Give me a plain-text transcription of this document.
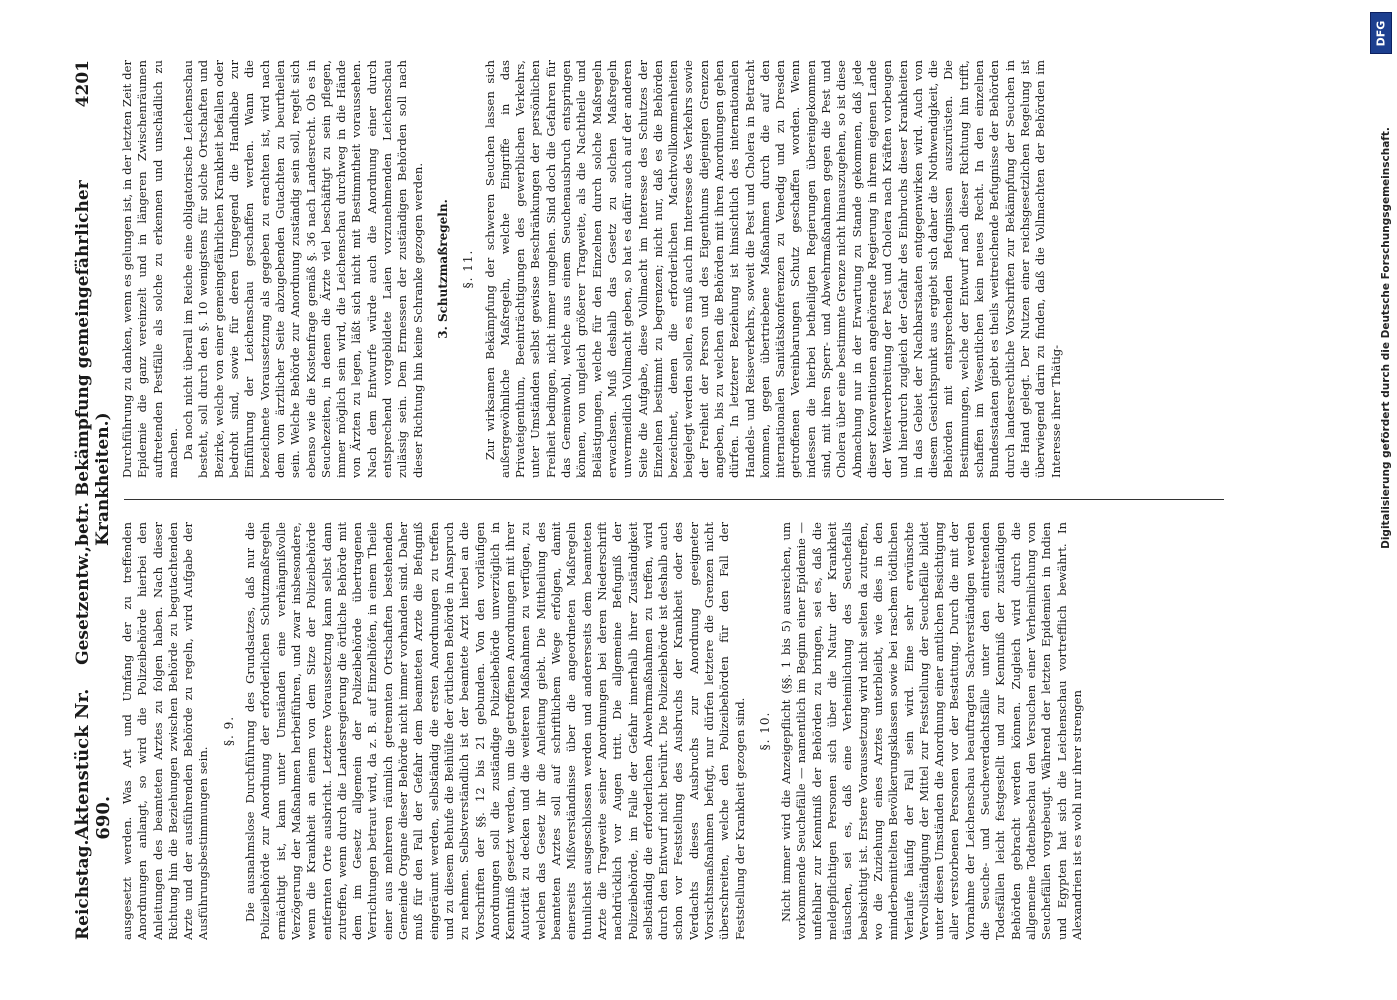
Reichstag.
Aktenstück Nr. 690.
Gesetzentw.,
betr. Bekämpfung gemeingefährlicher Krankheiten.)
4201

ausgesetzt werden. Was Art und Umfang der zu treffenden Anordnungen anlangt, so wird die Polizeibehörde hierbei den Anleitungen des beamteten Arztes zu folgen haben. Nach dieser Richtung hin die Beziehungen zwischen Behörde zu begutachtenden Arzte und der ausführenden Behörde zu regeln, wird Aufgabe der Ausführungsbestimmungen sein.

§. 9. Die ausnahmslose Durchführung des Grundsatzes, daß nur die Polizeibehörde zur Anordnung der erforderlichen Schutzmaßregeln ermächtigt ist, kann unter Umständen eine verhängnißvolle Verzögerung der Maßnahmen herbeiführen, und zwar insbesondere, wenn die Krankheit an einem von dem Sitze der Polizeibehörde entfernten Orte ausbricht. Letztere Voraussetzung kann selbst dann zutreffen, wenn durch die Landesregierung die örtliche Behörde mit dem im Gesetz allgemein der Polizeibehörde übertragenen Verrichtungen betraut wird, da z. B. auf Einzelhöfen, in einem Theile einer aus mehreren räumlich getrennten Ortschaften bestehenden Gemeinde Organe dieser Behörde nicht immer vorhanden sind. Daher muß für den Fall der Gefahr dem beamteten Arzte die Befugniß eingeräumt werden, selbständig die ersten Anordnungen zu treffen und zu diesem Behufe die Beihülfe der örtlichen Behörde in Anspruch zu nehmen. Selbstverständlich ist der beamtete Arzt hierbei an die Vorschriften der §§. 12 bis 21 gebunden. Von den vorläufigen Anordnungen soll die zuständige Polizeibehörde unverzüglich in Kenntniß gesetzt werden, um die getroffenen Anordnungen mit ihrer Autorität zu decken und die weiteren Maßnahmen zu verfügen, zu welchen das Gesetz ihr die Anleitung giebt. Die Mittheilung des beamteten Arztes soll auf schriftlichem Wege erfolgen, damit einerseits Mißverständnisse über die angeordneten Maßregeln thunlichst ausgeschlossen werden und andererseits dem beamteten Arzte die Tragweite seiner Anordnungen bei deren Niederschrift nachdrücklich vor Augen tritt. Die allgemeine Befugniß der Polizeibehörde, im Falle der Gefahr innerhalb ihrer Zuständigkeit selbständig die erforderlichen Abwehrmaßnahmen zu treffen, wird durch den Entwurf nicht berührt. Die Polizeibehörde ist deshalb auch schon vor Feststellung des Ausbruchs der Krankheit oder des Verdachts dieses Ausbruchs zur Anordnung geeigneter Vorsichtsmaßnahmen befugt, nur dürfen letztere die Grenzen nicht überschreiten, welche den Polizeibehörden für den Fall der Feststellung der Krankheit gezogen sind. §. 10. Nicht immer wird die Anzeigepflicht (§§. 1 bis 5) ausreichen, um vorkommende Seuchefälle — namentlich im Beginn einer Epidemie — unfehlbar zur Kenntniß der Behörden zu bringen, sei es, daß die meldepflichtigen Personen sich über die Natur der Krankheit täuschen, sei es, daß eine Verheimlichung des Seuchefalls beabsichtigt ist. Erstere Voraussetzung wird nicht selten da zutreffen, wo die Zuziehung eines Arztes unterbleibt, wie dies in den minderbemittelten Bevölkerungsklassen sowie bei raschem tödtlichen Verlaufe häufig der Fall sein wird. Eine sehr erwünschte Vervollständigung der Mittel zur Feststellung der Seuchefälle bildet unter diesen Umständen die Anordnung einer amtlichen Besichtigung aller verstorbenen Personen vor der Bestattung. Durch die mit der Vornahme der Leichenschau beauftragten Sachverständigen werden die Seuche- und Seucheverdachtsfälle unter den eintretenden Todesfällen leicht festgestellt und zur Kenntniß der zuständigen Behörden gebracht werden können. Zugleich wird durch die allgemeine Todtenbeschau den Versuchen einer Verheimlichung von Seuchefällen vorgebeugt. Während der letzten Epidemien in Indien und Egypten hat sich die Leichenschau vortrefflich bewährt. In Alexandrien ist es wohl nur ihrer strengen

Durchführung zu danken, wenn es gelungen ist, in der letzten Zeit der Epidemie die ganz vereinzelt und in längeren Zwischenräumen auftretenden Pestfälle als solche zu erkennen und unschädlich zu machen. Da noch nicht überall im Reiche eine obligatorische Leichenschau besteht, soll durch den §. 10 wenigstens für solche Ortschaften und Bezirke, welche von einer gemeingefährlichen Krankheit befallen oder bedroht sind, sowie für deren Umgegend die Handhabe zur Einführung der Leichenschau geschaffen werden. Wann die bezeichnete Voraussetzung als gegeben zu erachten ist, wird nach dem von ärztlicher Seite abzugebenden Gutachten zu beurtheilen sein. Welche Behörde zur Anordnung zuständig sein soll, regelt sich ebenso wie die Kostenfrage gemäß §. 36 nach Landesrecht. Ob es in Seuchezeiten, in denen die Ärzte viel beschäftigt zu sein pflegen, immer möglich sein wird, die Leichenschau durchweg in die Hände von Ärzten zu legen, läßt sich nicht mit Bestimmtheit voraussehen. Nach dem Entwurfe würde auch die Anordnung einer durch entsprechend vorgebildete Laien vorzunehmenden Leichenschau zulässig sein. Dem Ermessen der zuständigen Behörden soll nach dieser Richtung hin keine Schranke gezogen werden. 3. Schutzmaßregeln. §. 11. Zur wirksamen Bekämpfung der schweren Seuchen lassen sich außergewöhnliche Maßregeln, welche Eingriffe in das Privateigenthum, Beeinträchtigungen des gewerblichen Verkehrs, unter Umständen selbst gewisse Beschränkungen der persönlichen Freiheit bedingen, nicht immer umgehen. Sind doch die Gefahren für das Gemeinwohl, welche aus einem Seuchenausbruch entspringen können, von ungleich größerer Tragweite, als die Nachtheile und Belästigungen, welche für den Einzelnen durch solche Maßregeln erwachsen. Muß deshalb das Gesetz zu solchen Maßregeln unvermeidlich Vollmacht geben, so hat es dafür auch auf der anderen Seite die Aufgabe, diese Vollmacht im Interesse des Schutzes der Einzelnen bestimmt zu begrenzen; nicht nur, daß es die Behörden bezeichnet, denen die erforderlichen Machtvollkommenheiten beigelegt werden sollen, es muß auch im Interesse des Verkehrs sowie der Freiheit der Person und des Eigenthums diejenigen Grenzen angeben, bis zu welchen die Behörden mit ihren Anordnungen gehen dürfen. In letzterer Beziehung ist hinsichtlich des internationalen Handels- und Reiseverkehrs, soweit die Pest und Cholera in Betracht kommen, gegen übertriebene Maßnahmen durch die auf den internationalen Sanitätskonferenzen zu Venedig und zu Dresden getroffenen Vereinbarungen Schutz geschaffen worden. Wenn indessen die hierbei betheiligten Regierungen übereingekommen sind, mit ihren Sperr- und Abwehrmaßnahmen gegen die Pest und Cholera über eine bestimmte Grenze nicht hinauszugehen, so ist diese Abmachung nur in der Erwartung zu Stande gekommen, daß jede dieser Konventionen angehörende Regierung in ihrem eigenen Lande der Weiterverbreitung der Pest und Cholera nach Kräften vorbeugen und hierdurch zugleich der Gefahr des Einbruchs dieser Krankheiten in das Gebiet der Nachbarstaaten entgegenwirken wird. Auch von diesem Gesichtspunkt aus ergiebt sich daher die Nothwendigkeit, die Behörden mit entsprechenden Befugnissen auszurüsten. Die Bestimmungen, welche der Entwurf nach dieser Richtung hin trifft, schaffen im Wesentlichen kein neues Recht. In den einzelnen Bundesstaaten giebt es theils weitreichende Befugnisse der Behörden durch landesrechtliche Vorschriften zur Bekämpfung der Seuchen in die Hand gelegt. Der Nutzen einer reichsgesetzlichen Regelung ist überwiegend darin zu finden, daß die Vollmachten der Behörden im Interesse ihrer Thätig-

DFG
Digitalisierung gefördert durch die Deutsche Forschungsgemeinschaft.
